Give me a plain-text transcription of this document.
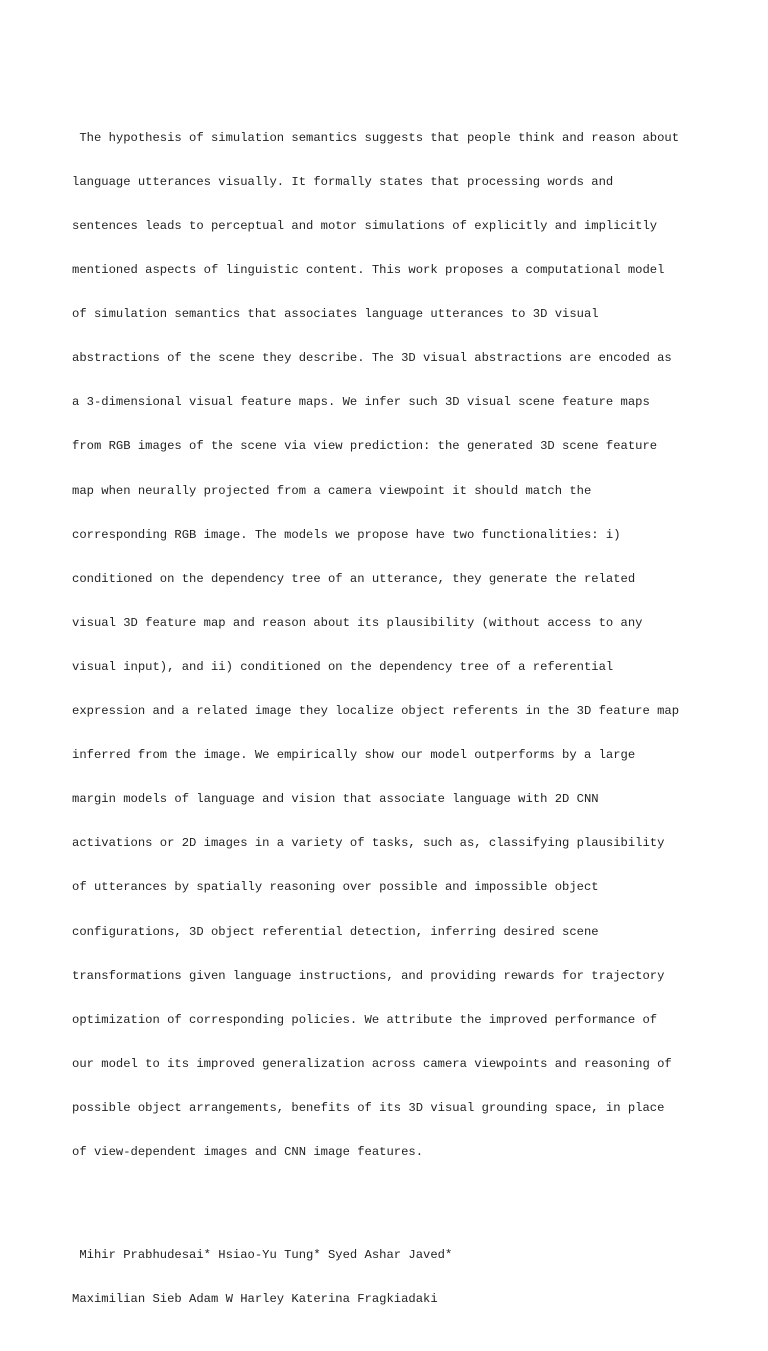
The hypothesis of simulation semantics suggests that people think and reason about

language utterances visually. It formally states that processing words and

sentences leads to perceptual and motor simulations of explicitly and implicitly

mentioned aspects of linguistic content. This work proposes a computational model

of simulation semantics that associates language utterances to 3D visual

abstractions of the scene they describe. The 3D visual abstractions are encoded as

a 3-dimensional visual feature maps. We infer such 3D visual scene feature maps

from RGB images of the scene via view prediction: the generated 3D scene feature

map when neurally projected from a camera viewpoint it should match the

corresponding RGB image. The models we propose have two functionalities: i)

conditioned on the dependency tree of an utterance, they generate the related

visual 3D feature map and reason about its plausibility (without access to any

visual input), and ii) conditioned on the dependency tree of a referential

expression and a related image they localize object referents in the 3D feature map

inferred from the image. We empirically show our model outperforms by a large

margin models of language and vision that associate language with 2D CNN

activations or 2D images in a variety of tasks, such as, classifying plausibility

of utterances by spatially reasoning over possible and impossible object

configurations, 3D object referential detection, inferring desired scene

transformations given language instructions, and providing rewards for trajectory

optimization of corresponding policies. We attribute the improved performance of

our model to its improved generalization across camera viewpoints and reasoning of

possible object arrangements, benefits of its 3D visual grounding space, in place

of view-dependent images and CNN image features.

Mihir Prabhudesai* Hsiao-Yu Tung* Syed Ashar Javed*

Maximilian Sieb Adam W Harley Katerina Fragkiadaki
